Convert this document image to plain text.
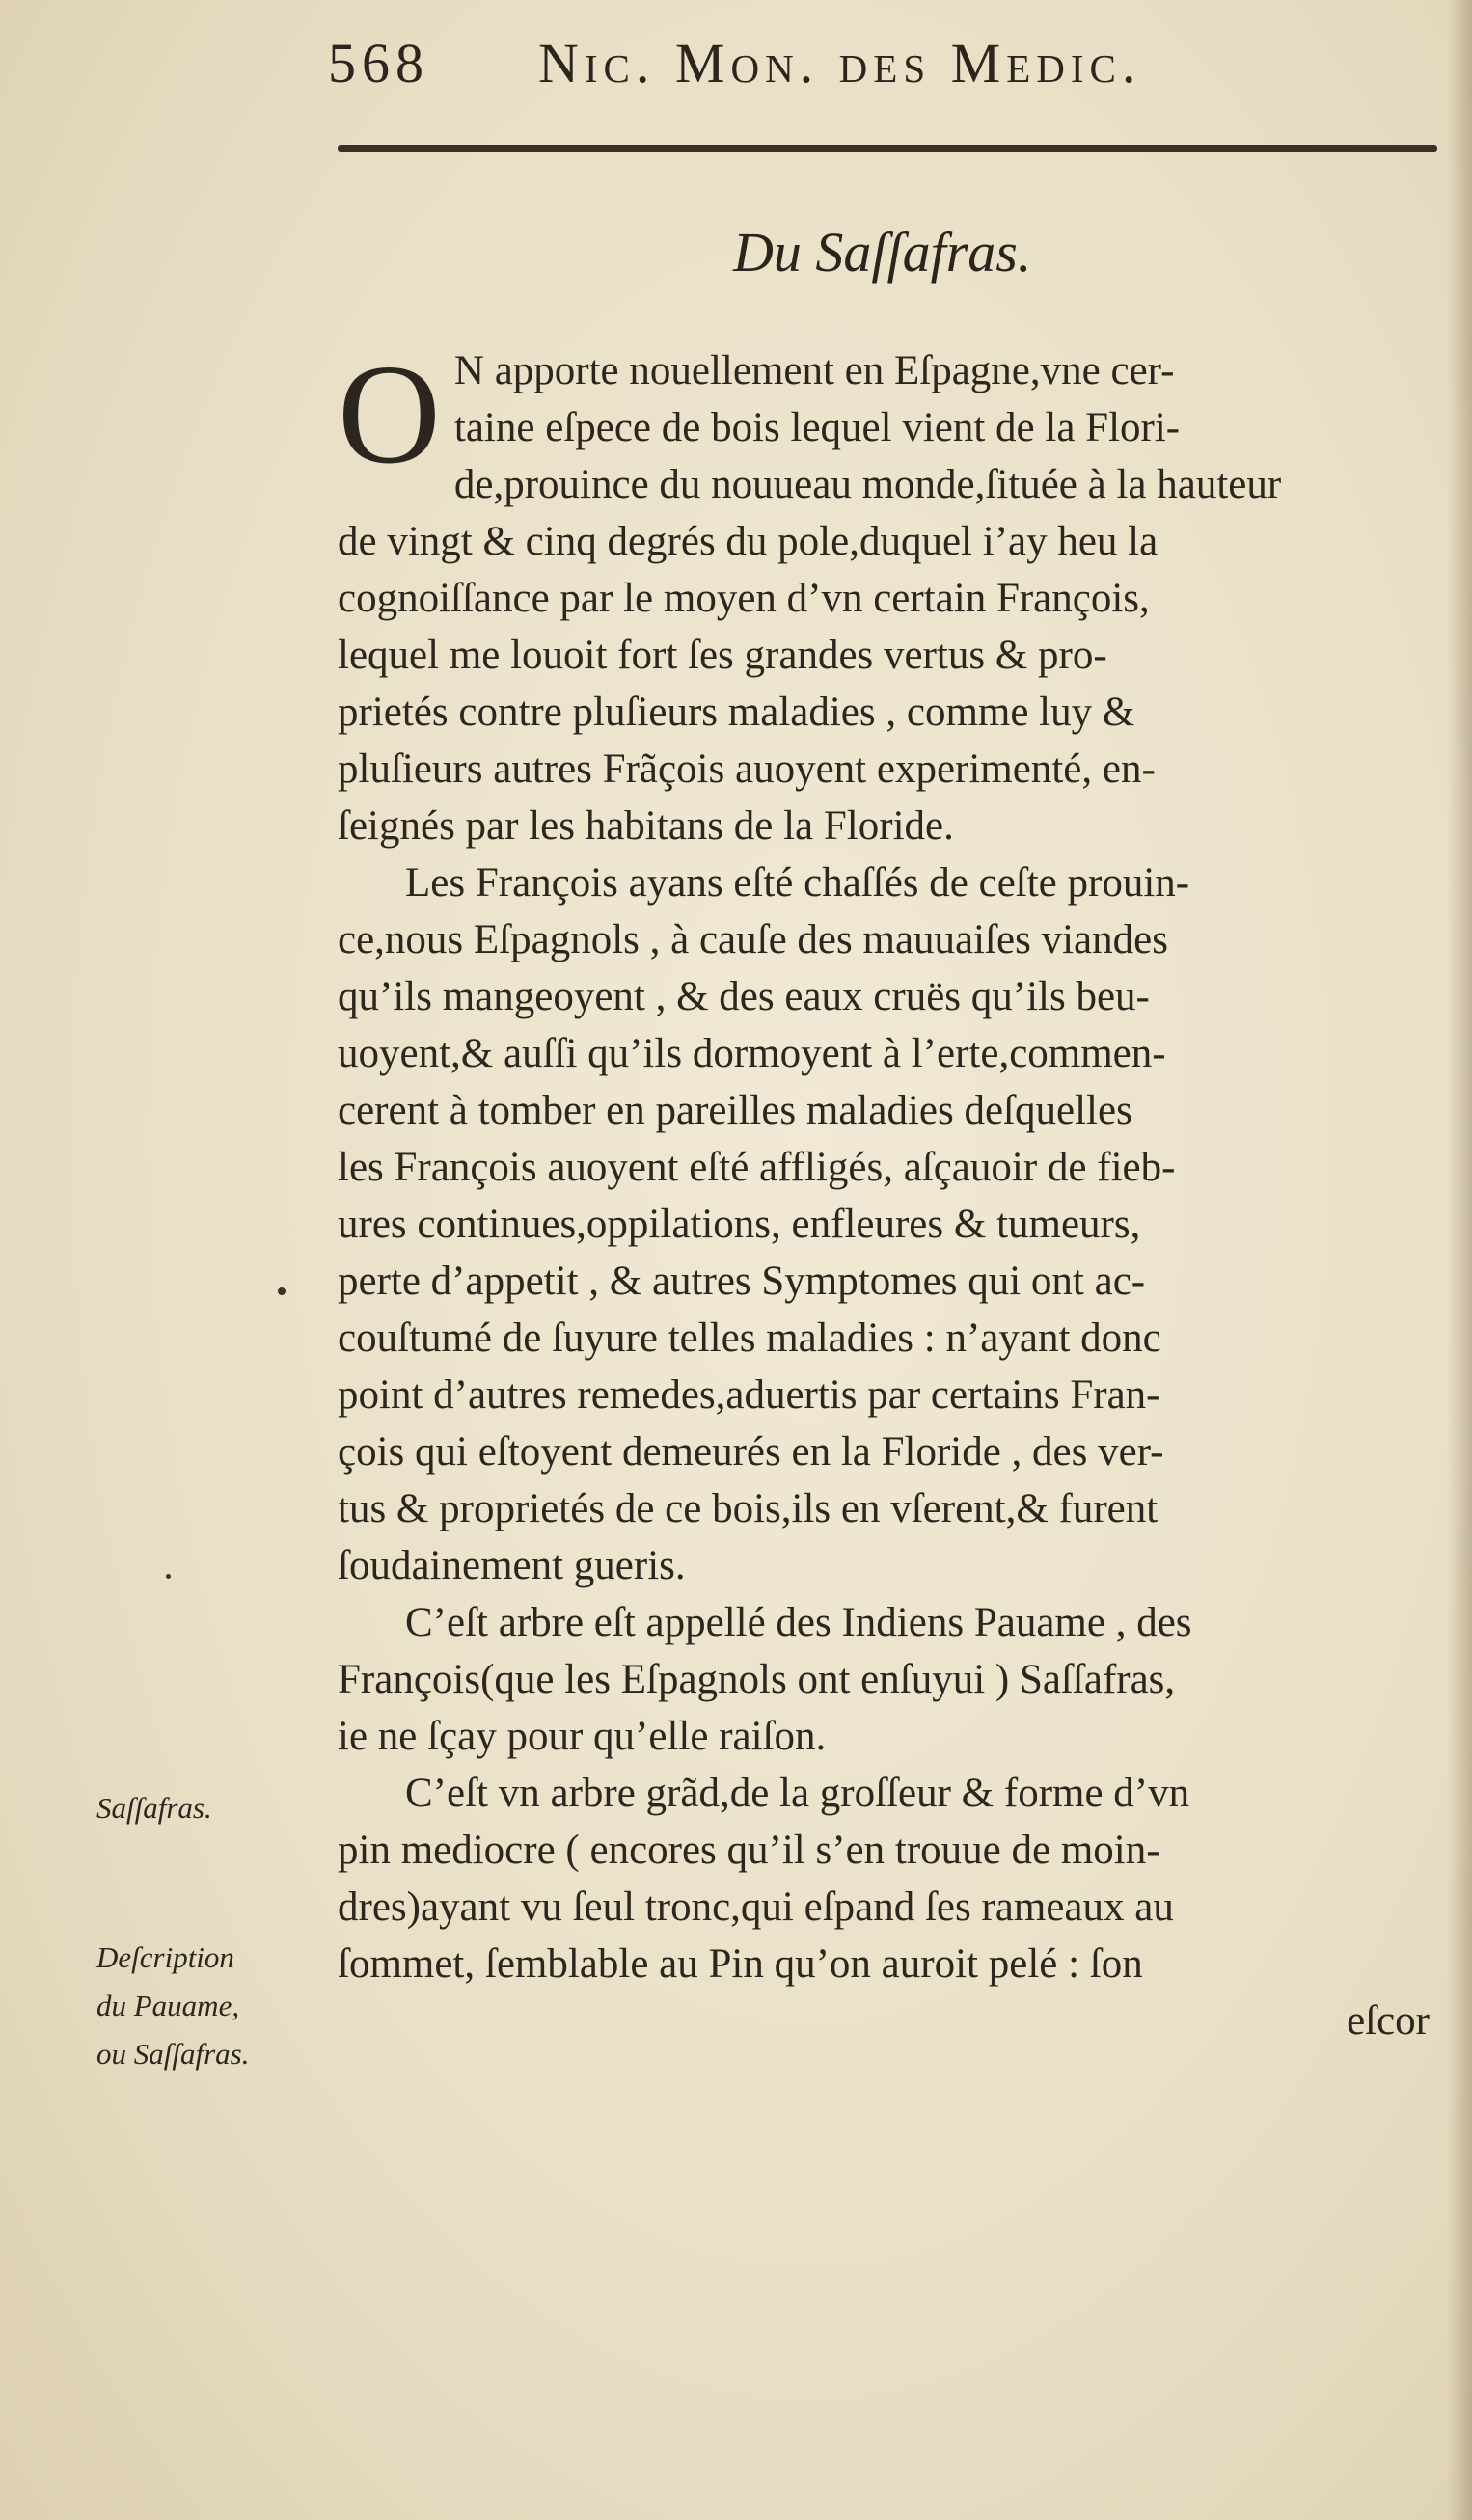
568 Nic. Mon. des Medic.
Du Saſſafras.
O N apporte nouellement en Eſpagne,vne cer-
taine eſpece de bois lequel vient de la Flori-
de,prouince du nouueau monde,ſituée à la hauteur
de vingt & cinq degrés du pole,duquel i’ay heu la
cognoiſſance par le moyen d’vn certain François,
lequel me louoit fort ſes grandes vertus & pro-
prietés contre pluſieurs maladies , comme luy &
pluſieurs autres Frãçois auoyent experimenté, en-
ſeignés par les habitans de la Floride.
Les François ayans eſté chaſſés de ceſte prouin-
ce,nous Eſpagnols , à cauſe des mauuaiſes viandes
qu’ils mangeoyent , & des eaux cruës qu’ils beu-
uoyent,& auſſi qu’ils dormoyent à l’erte,commen-
cerent à tomber en pareilles maladies deſquelles
les François auoyent eſté affligés, aſçauoir de fieb-
ures continues,oppilations, enfleures & tumeurs,
perte d’appetit , & autres Symptomes qui ont ac-
couſtumé de ſuyure telles maladies : n’ayant donc
point d’autres remedes,aduertis par certains Fran-
çois qui eſtoyent demeurés en la Floride , des ver-
tus & proprietés de ce bois,ils en vſerent,& furent
ſoudainement gueris.
C’eſt arbre eſt appellé des Indiens Pauame , des
François(que les Eſpagnols ont enſuyui ) Saſſafras,
ie ne ſçay pour qu’elle raiſon.
C’eſt vn arbre grãd,de la groſſeur & forme d’vn
pin mediocre ( encores qu’il s’en trouue de moin-
dres)ayant vu ſeul tronc,qui eſpand ſes rameaux au
ſommet, ſemblable au Pin qu’on auroit pelé : ſon
eſcor
Saſſafras.
Deſcription
du Pauame,
ou Saſſafras.
